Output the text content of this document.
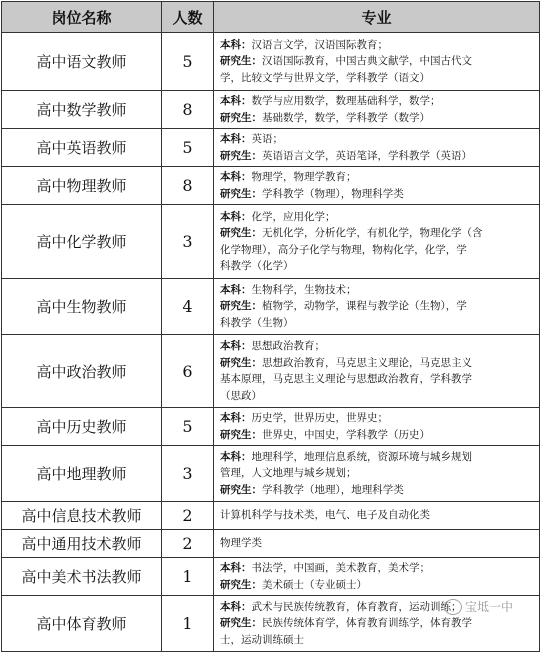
岗位名称	人数	专业
高中语文教师	5	本科：汉语言文学，汉语国际教育；
研究生：汉语国际教育，中国古典文献学，中国古代文
学，比较文学与世界文学，学科教学（语文）

高中数学教师	8	本科：数学与应用数学，数理基础科学，数学；
研究生：基础数学，数学，学科教学（数学）

高中英语教师	5	本科：英语；
研究生：英语语言文学，英语笔译，学科教学（英语）

高中物理教师	8	本科：物理学，物理学教育；
研究生：学科教学（物理），物理科学类

高中化学教师	3	本科：化学，应用化学；
研究生：无机化学，分析化学，有机化学，物理化学（含
化学物理），高分子化学与物理，物构化学，化学，学
科教学（化学）

高中生物教师	4	本科：生物科学，生物技术；
研究生：植物学，动物学，课程与教学论（生物），学
科教学（生物）

高中政治教师	6	本科：思想政治教育；
研究生：思想政治教育，马克思主义理论，马克思主义
基本原理，马克思主义理论与思想政治教育，学科教学
（思政）

高中历史教师	5	本科：历史学，世界历史，世界史；
研究生：世界史，中国史，学科教学（历史）

高中地理教师	3	本科：地理科学，地理信息系统，资源环境与城乡规划
管理，人文地理与城乡规划；
研究生：学科教学（地理），地理科学类

高中信息技术教师	2	计算机科学与技术类，电气、电子及自动化类

高中通用技术教师	2	物理学类

高中美术书法教师	1	本科：书法学，中国画，美术教育，美术学；
研究生：美术硕士（专业硕士）

高中体育教师	1	本科：武术与民族传统教育，体育教育，运动训练；
研究生：民族传统体育学，体育教育训练学，体育教学
士，运动训练硕士
宝坻一中
